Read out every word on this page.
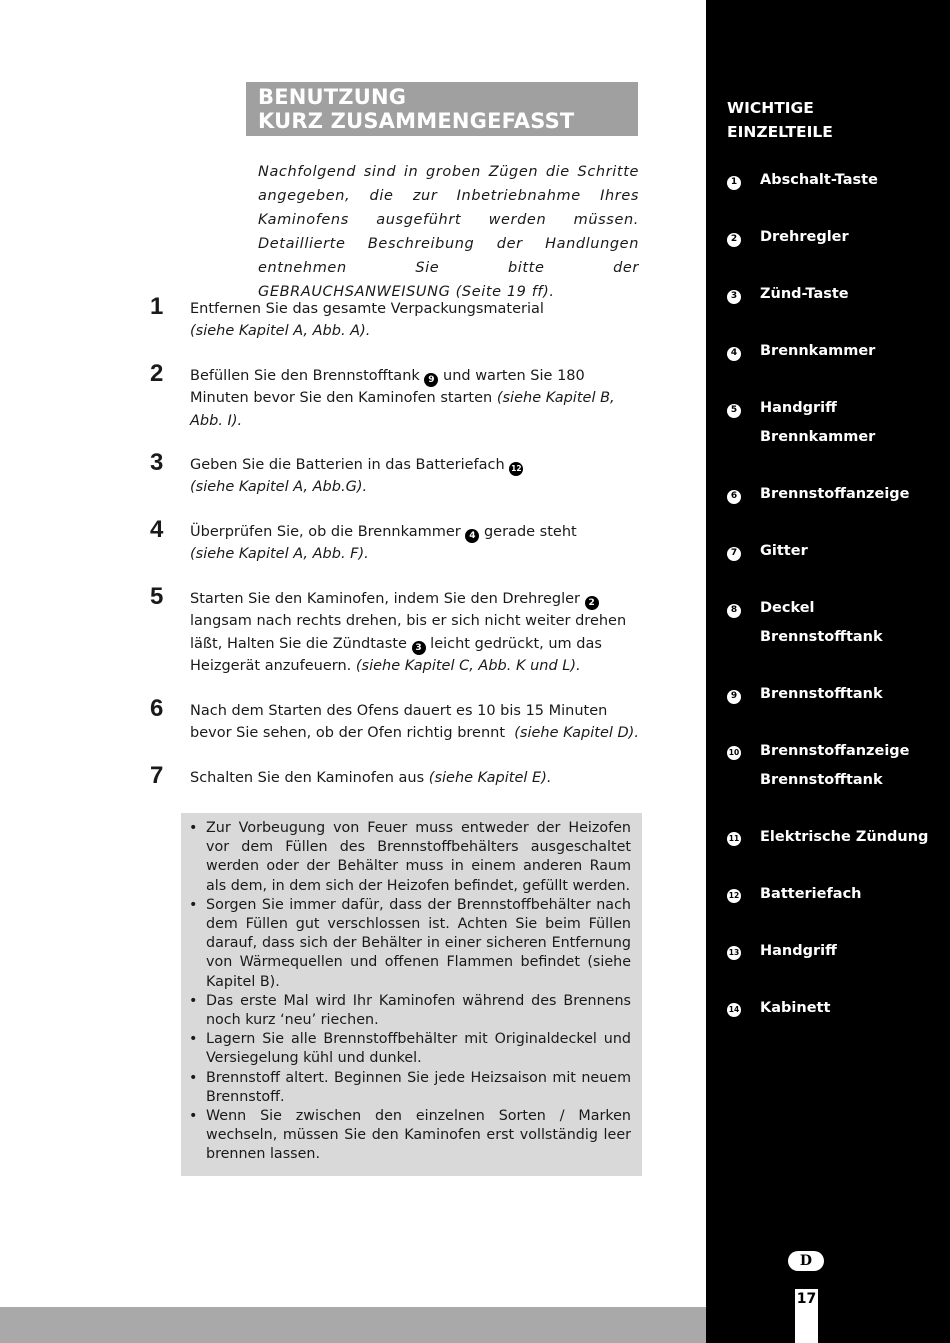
BENUTZUNG
KURZ ZUSAMMENGEFASST
Nachfolgend sind in groben Zügen die Schritte angegeben, die zur Inbetriebnahme Ihres Kaminofens ausgeführt werden müssen. Detaillierte Beschreibung der Handlungen entnehmen Sie bitte der GEBRAUCHSANWEISUNG (Seite 19 ff).
1 Entfernen Sie das gesamte Verpackungsmaterial
(siehe Kapitel A, Abb. A).
2 Befüllen Sie den Brennstofftank 9 und warten Sie 180 Minuten bevor Sie den Kaminofen starten (siehe Kapitel B, Abb. I).
3 Geben Sie die Batterien in das Batteriefach 12
(siehe Kapitel A, Abb.G).
4 Überprüfen Sie, ob die Brennkammer 4 gerade steht
(siehe Kapitel A, Abb. F).
5 Starten Sie den Kaminofen, indem Sie den Drehregler 2 langsam nach rechts drehen, bis er sich nicht weiter drehen läßt, Halten Sie die Zündtaste 3 leicht gedrückt, um das Heizgerät anzufeuern. (siehe Kapitel C, Abb. K und L).
6 Nach dem Starten des Ofens dauert es 10 bis 15 Minuten bevor Sie sehen, ob der Ofen richtig brennt (siehe Kapitel D).
7 Schalten Sie den Kaminofen aus (siehe Kapitel E).
• Zur Vorbeugung von Feuer muss entweder der Heizofen vor dem Füllen des Brennstoffbehälters ausgeschaltet werden oder der Behälter muss in einem anderen Raum als dem, in dem sich der Heizofen befindet, gefüllt werden.
• Sorgen Sie immer dafür, dass der Brennstoffbehälter nach dem Füllen gut verschlossen ist. Achten Sie beim Füllen darauf, dass sich der Behälter in einer sicheren Entfernung von Wärmequellen und offenen Flammen befindet (siehe Kapitel B).
• Das erste Mal wird Ihr Kaminofen während des Brennens noch kurz ‘neu’ riechen.
• Lagern Sie alle Brennstoffbehälter mit Originaldeckel und Versiegelung kühl und dunkel.
• Brennstoff altert. Beginnen Sie jede Heizsaison mit neuem Brennstoff.
• Wenn Sie zwischen den einzelnen Sorten / Marken wechseln, müssen Sie den Kaminofen erst vollständig leer brennen lassen.
WICHTIGE
EINZELTEILE
1	Abschalt-Taste
2	Drehregler
3	Zünd-Taste
4	Brennkammer
5	Handgriff
Brennkammer
6	Brennstoffanzeige
7	Gitter
8	Deckel
Brennstofftank
9	Brennstofftank
10	Brennstoffanzeige
Brennstofftank
11	Elektrische Zündung
12	Batteriefach
13	Handgriff
14	Kabinett
D
17
